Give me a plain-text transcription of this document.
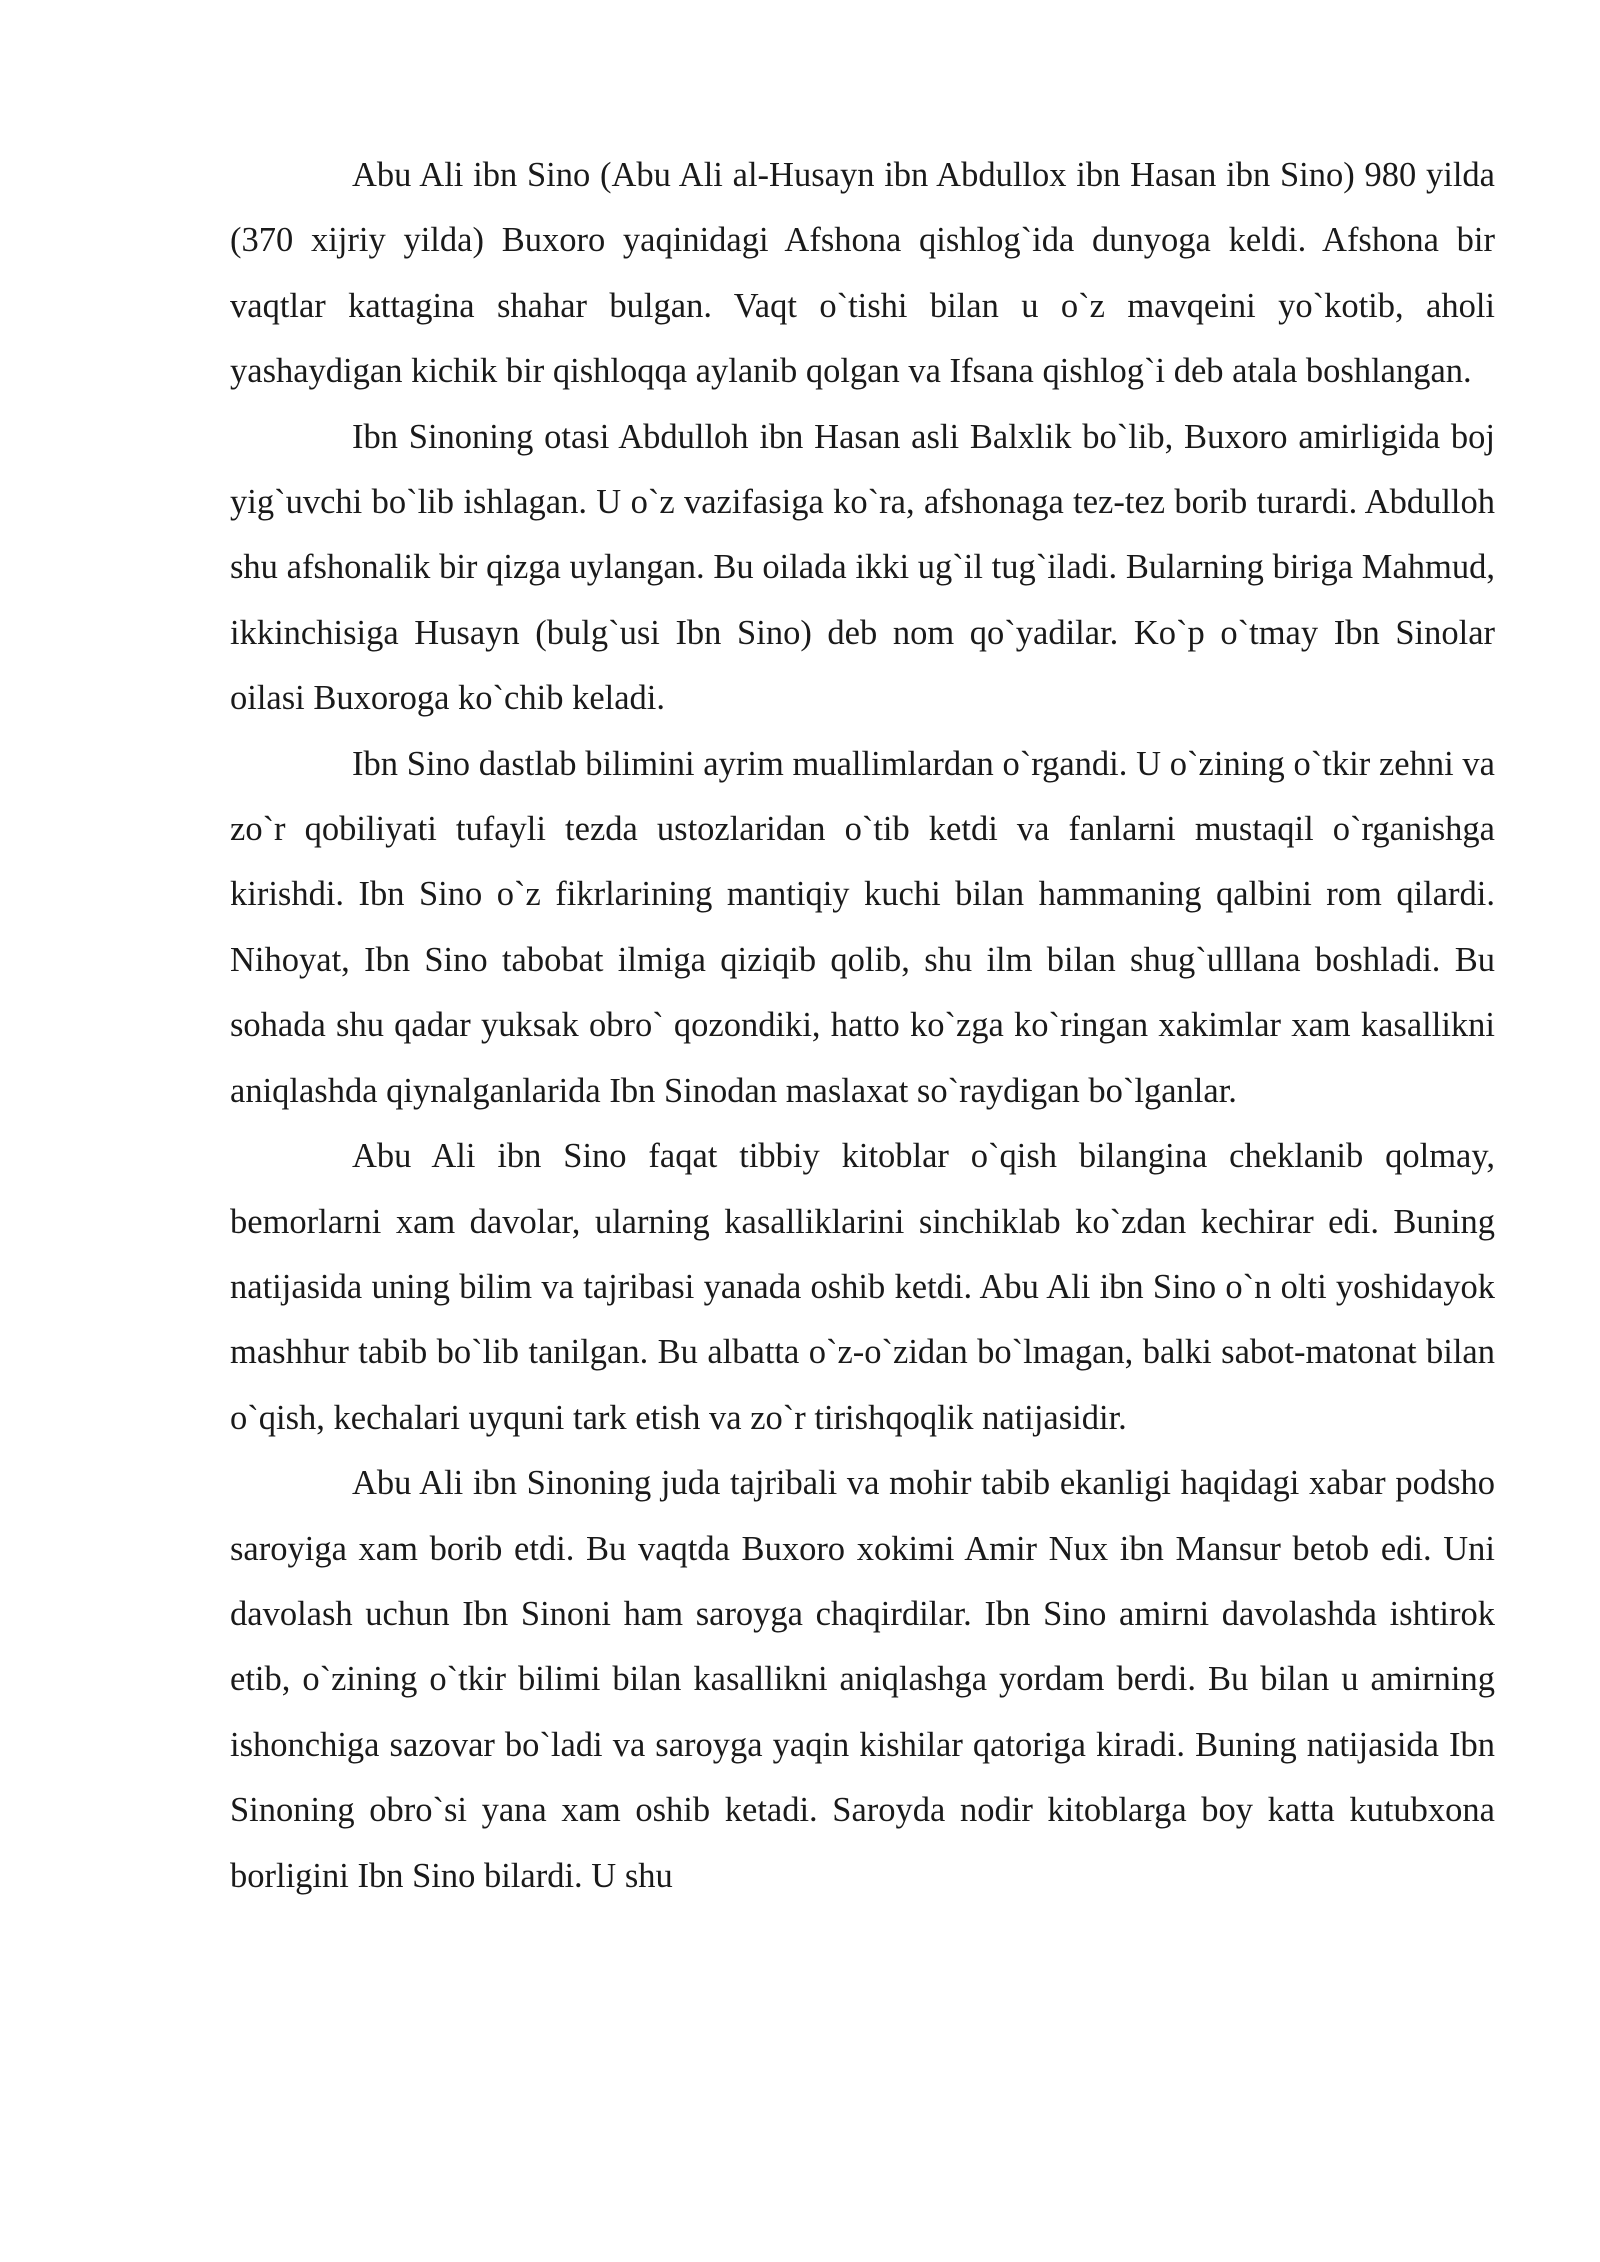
Abu Ali ibn Sino (Abu Ali al-Husayn ibn Abdullox ibn Hasan ibn Sino) 980 yilda (370 xijriy yilda) Buxoro yaqinidagi Afshona qishlog`ida dunyoga keldi. Afshona bir vaqtlar kattagina shahar bulgan. Vaqt o`tishi bilan u o`z mavqeini yo`kotib, aholi yashaydigan kichik bir qishloqqa aylanib qolgan va Ifsana qishlog`i deb atala boshlangan.

Ibn Sinoning otasi Abdulloh ibn Hasan asli Balxlik bo`lib, Buxoro amirligida boj yig`uvchi bo`lib ishlagan. U o`z vazifasiga ko`ra, afshonaga tez-tez borib turardi. Abdulloh shu afshonalik bir qizga uylangan. Bu oilada ikki ug`il tug`iladi. Bularning biriga Mahmud, ikkinchisiga Husayn (bulg`usi Ibn Sino) deb nom qo`yadilar. Ko`p o`tmay Ibn Sinolar oilasi Buxoroga ko`chib keladi.

Ibn Sino dastlab bilimini ayrim muallimlardan o`rgandi. U o`zining o`tkir zehni va zo`r qobiliyati tufayli tezda ustozlaridan o`tib ketdi va fanlarni mustaqil o`rganishga kirishdi. Ibn Sino o`z fikrlarining mantiqiy kuchi bilan hammaning qalbini rom qilardi. Nihoyat, Ibn Sino tabobat ilmiga qiziqib qolib, shu ilm bilan shug`ulllana boshladi. Bu sohada shu qadar yuksak obro` qozondiki, hatto ko`zga ko`ringan xakimlar xam kasallikni aniqlashda qiynalganlarida Ibn Sinodan maslaxat so`raydigan bo`lganlar.

Abu Ali ibn Sino faqat tibbiy kitoblar o`qish bilangina cheklanib qolmay, bemorlarni xam davolar, ularning kasalliklarini sinchiklab ko`zdan kechirar edi. Buning natijasida uning bilim va tajribasi yanada oshib ketdi. Abu Ali ibn Sino o`n olti yoshidayok mashhur tabib bo`lib tanilgan. Bu albatta o`z-o`zidan bo`lmagan, balki sabot-matonat bilan o`qish, kechalari uyquni tark etish va zo`r tirishqoqlik natijasidir.

Abu Ali ibn Sinoning juda tajribali va mohir tabib ekanligi haqidagi xabar podsho saroyiga xam borib etdi. Bu vaqtda Buxoro xokimi Amir Nux ibn Mansur betob edi. Uni davolash uchun Ibn Sinoni ham saroyga chaqirdilar. Ibn Sino amirni davolashda ishtirok etib, o`zining o`tkir bilimi bilan kasallikni aniqlashga yordam berdi. Bu bilan u amirning ishonchiga sazovar bo`ladi va saroyga yaqin kishilar qatoriga kiradi. Buning natijasida Ibn Sinoning obro`si yana xam oshib ketadi. Saroyda nodir kitoblarga boy katta kutubxona borligini Ibn Sino bilardi. U shu
